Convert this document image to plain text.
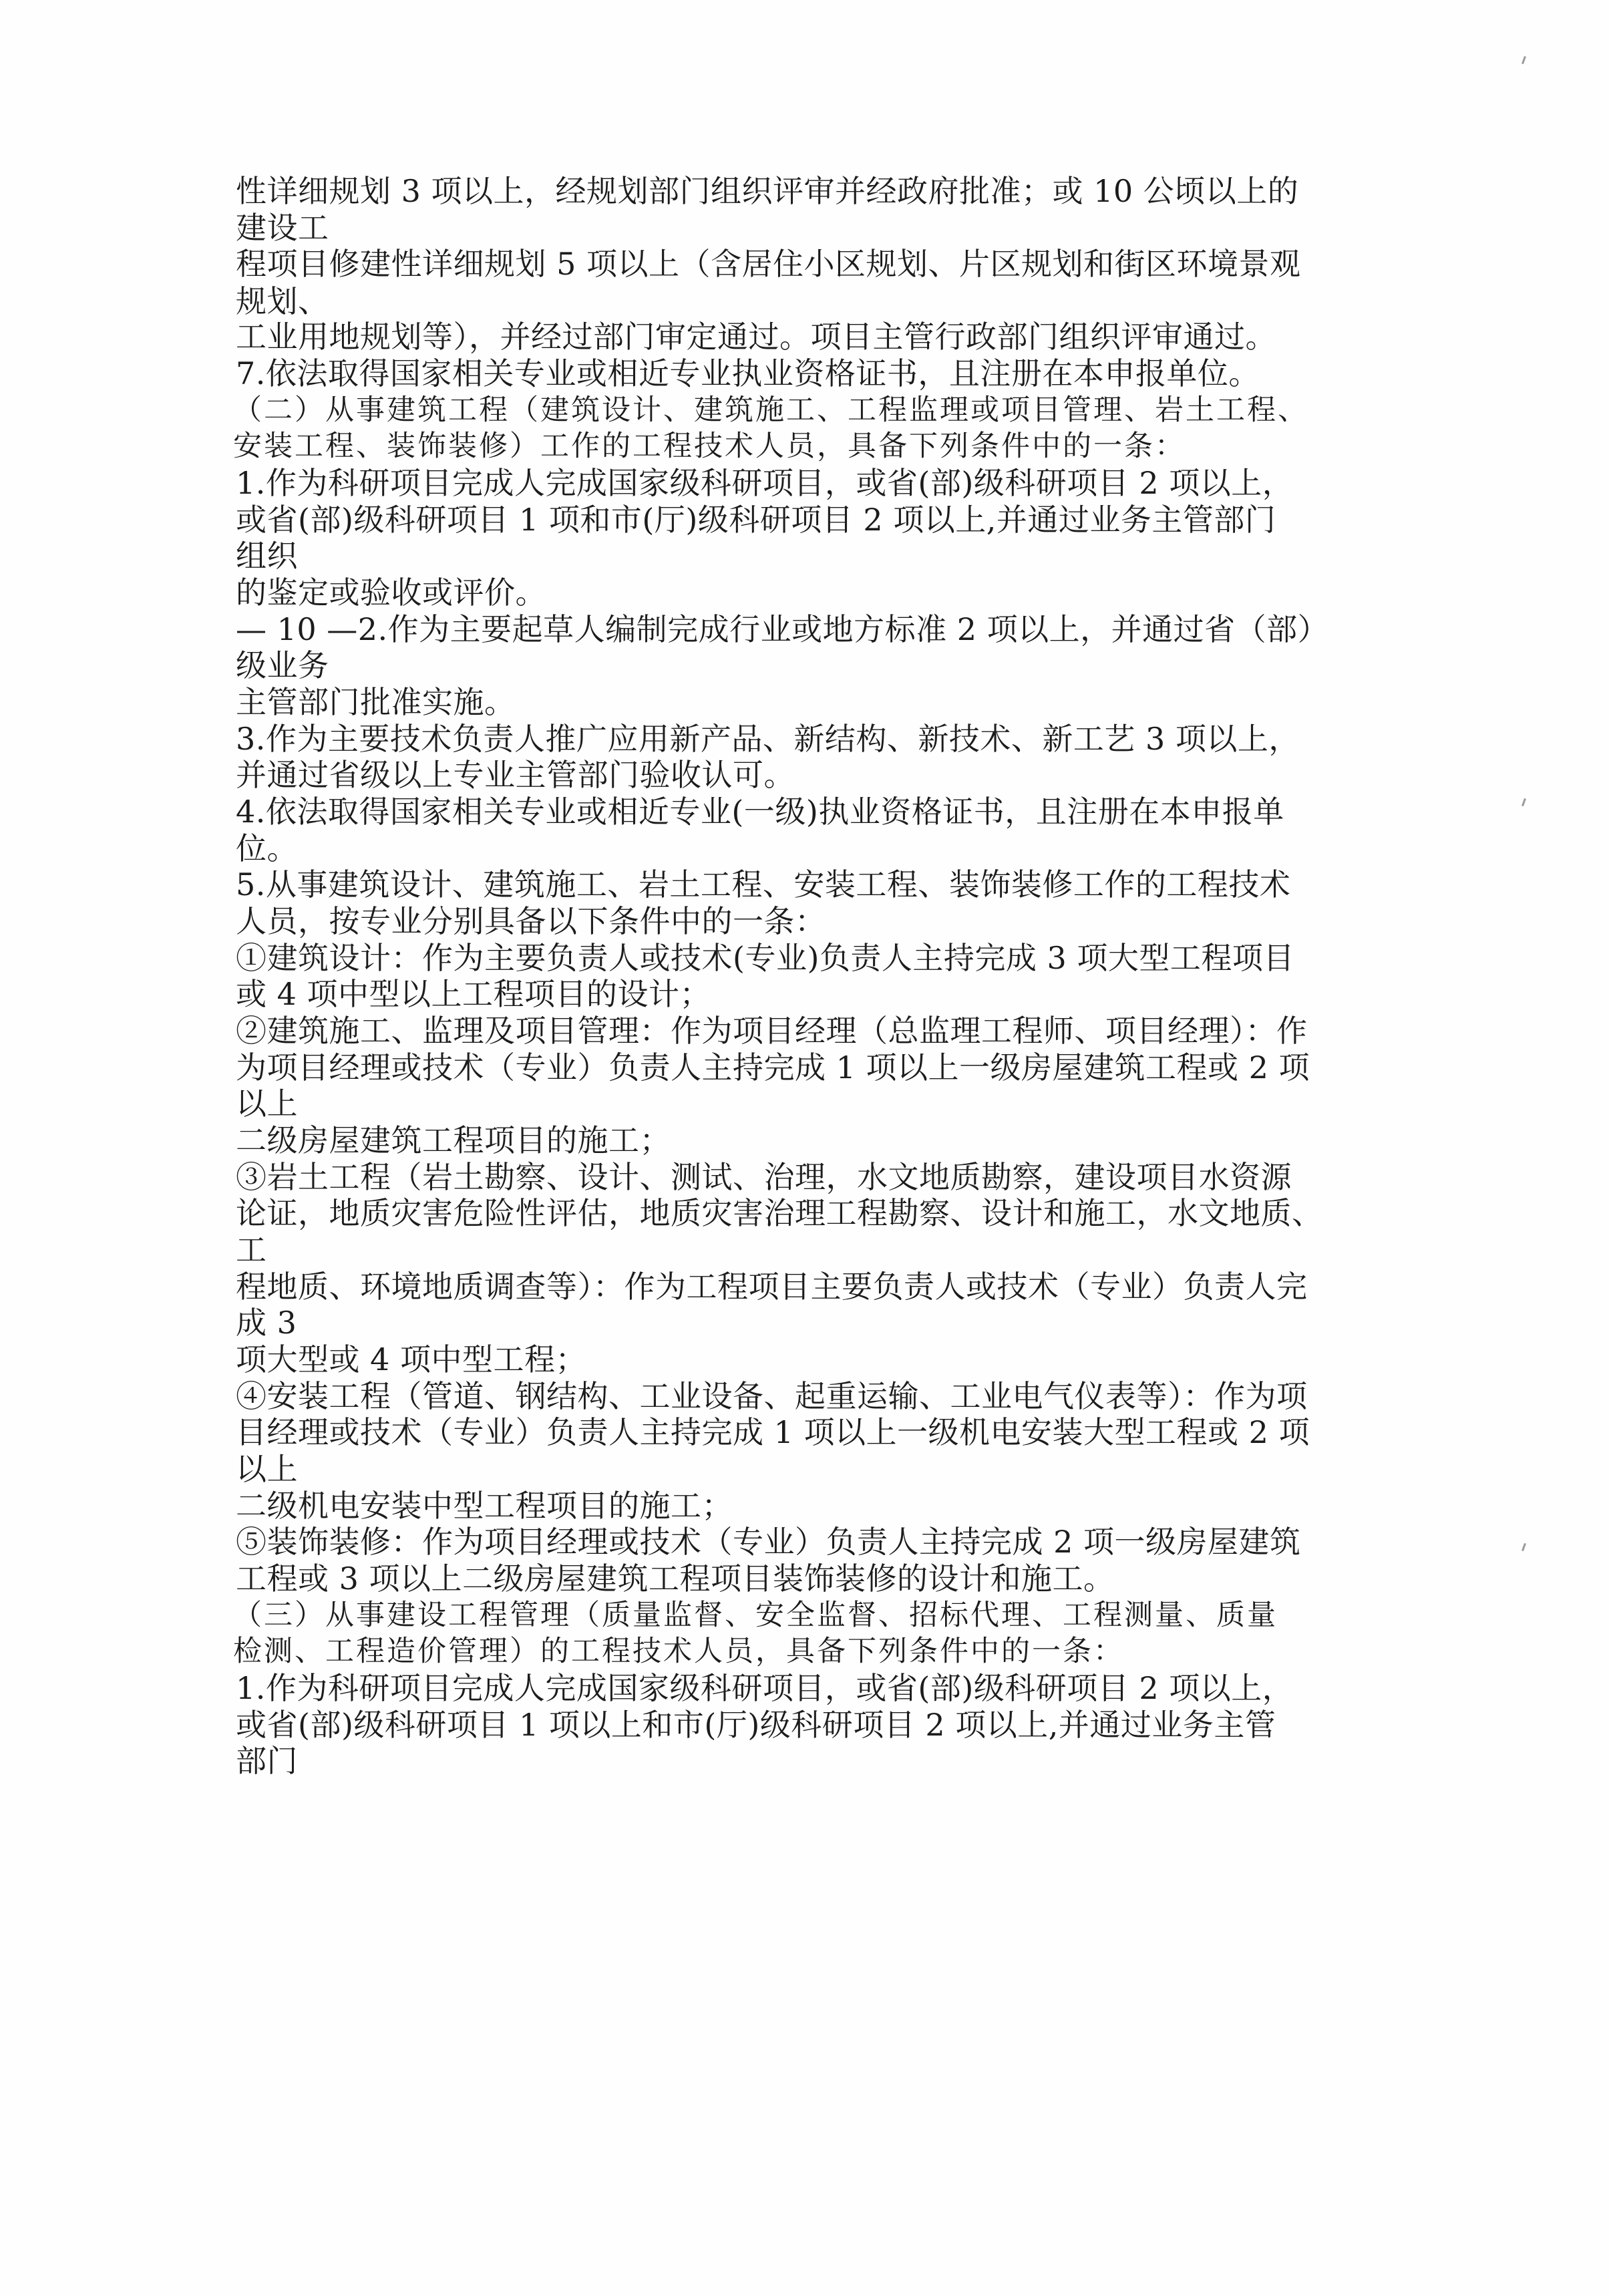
性详细规划 3 项以上，经规划部门组织评审并经政府批准；或 10 公顷以上的
建设工
程项目修建性详细规划 5 项以上（含居住小区规划、片区规划和街区环境景观
规划、
工业用地规划等），并经过部门审定通过。项目主管行政部门组织评审通过。
7.依法取得国家相关专业或相近专业执业资格证书，且注册在本申报单位。
（二）从事建筑工程（建筑设计、建筑施工、工程监理或项目管理、岩土工程、
安装工程、装饰装修）工作的工程技术人员，具备下列条件中的一条：
1.作为科研项目完成人完成国家级科研项目，或省(部)级科研项目 2 项以上，
或省(部)级科研项目 1 项和市(厅)级科研项目 2 项以上,并通过业务主管部门
组织
的鉴定或验收或评价。
— 10 —2.作为主要起草人编制完成行业或地方标准 2 项以上，并通过省（部）
级业务
主管部门批准实施。
3.作为主要技术负责人推广应用新产品、新结构、新技术、新工艺 3 项以上，
并通过省级以上专业主管部门验收认可。
4.依法取得国家相关专业或相近专业(一级)执业资格证书，且注册在本申报单
位。
5.从事建筑设计、建筑施工、岩土工程、安装工程、装饰装修工作的工程技术
人员，按专业分别具备以下条件中的一条：
①建筑设计：作为主要负责人或技术(专业)负责人主持完成 3 项大型工程项目
或 4 项中型以上工程项目的设计；
②建筑施工、监理及项目管理：作为项目经理（总监理工程师、项目经理）：作
为项目经理或技术（专业）负责人主持完成 1 项以上一级房屋建筑工程或 2 项
以上
二级房屋建筑工程项目的施工；
③岩土工程（岩土勘察、设计、测试、治理，水文地质勘察，建设项目水资源
论证，地质灾害危险性评估，地质灾害治理工程勘察、设计和施工，水文地质、
工
程地质、环境地质调查等）：作为工程项目主要负责人或技术（专业）负责人完
成 3
项大型或 4 项中型工程；
④安装工程（管道、钢结构、工业设备、起重运输、工业电气仪表等）：作为项
目经理或技术（专业）负责人主持完成 1 项以上一级机电安装大型工程或 2 项
以上
二级机电安装中型工程项目的施工；
⑤装饰装修：作为项目经理或技术（专业）负责人主持完成 2 项一级房屋建筑
工程或 3 项以上二级房屋建筑工程项目装饰装修的设计和施工。
（三）从事建设工程管理（质量监督、安全监督、招标代理、工程测量、质量
检测、工程造价管理）的工程技术人员，具备下列条件中的一条：
1.作为科研项目完成人完成国家级科研项目，或省(部)级科研项目 2 项以上，
或省(部)级科研项目 1 项以上和市(厅)级科研项目 2 项以上,并通过业务主管
部门
